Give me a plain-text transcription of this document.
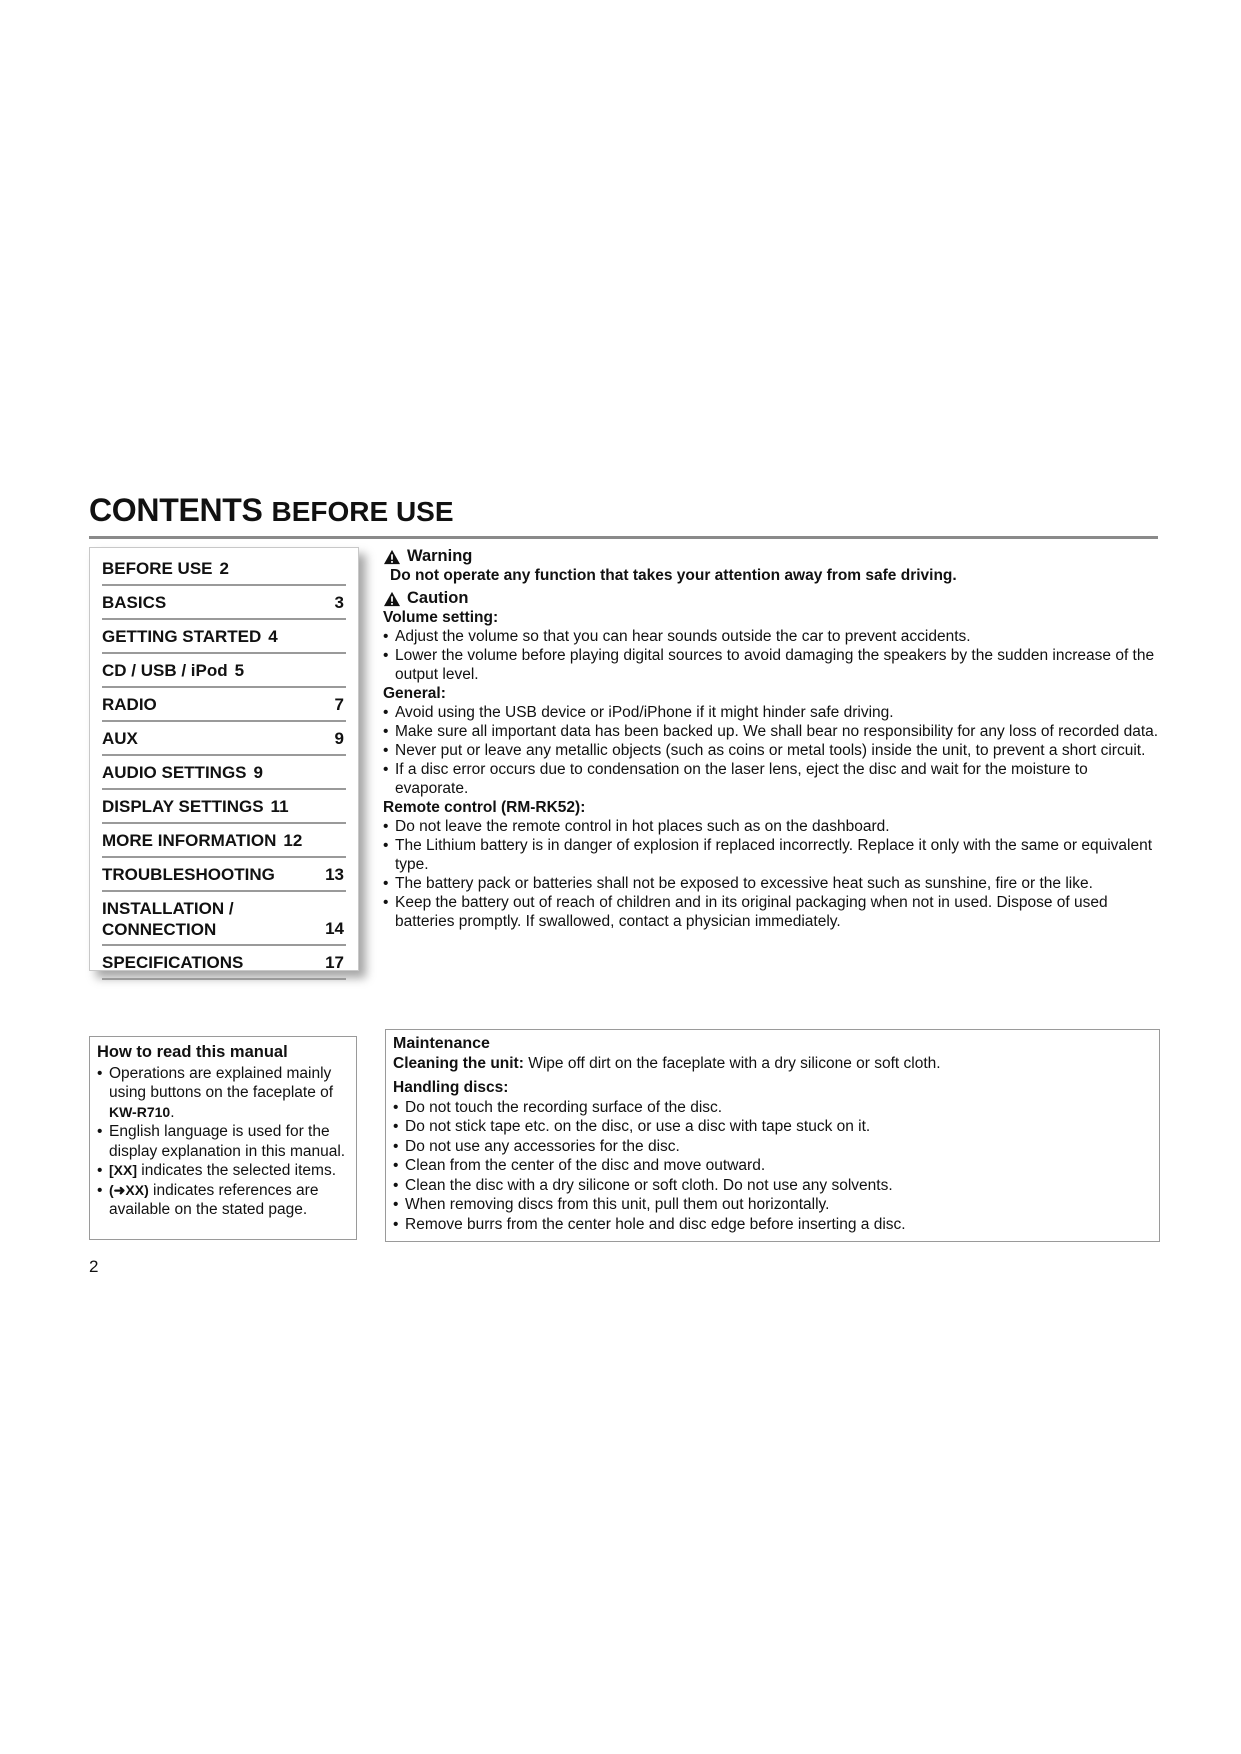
CONTENTS BEFORE USE
BEFORE USE 2
BASICS	3
GETTING STARTED 4
CD / USB / iPod 5
RADIO	7
AUX	9
AUDIO SETTINGS 9
DISPLAY SETTINGS 11
MORE INFORMATION 12
TROUBLESHOOTING	13
INSTALLATION / CONNECTION	14
SPECIFICATIONS	17
Warning
Do not operate any function that takes your attention away from safe driving.
Caution
Volume setting:
• Adjust the volume so that you can hear sounds outside the car to prevent accidents.
• Lower the volume before playing digital sources to avoid damaging the speakers by the sudden increase of the output level.
General:
• Avoid using the USB device or iPod/iPhone if it might hinder safe driving.
• Make sure all important data has been backed up. We shall bear no responsibility for any loss of recorded data.
• Never put or leave any metallic objects (such as coins or metal tools) inside the unit, to prevent a short circuit.
• If a disc error occurs due to condensation on the laser lens, eject the disc and wait for the moisture to evaporate.
Remote control (RM-RK52):
• Do not leave the remote control in hot places such as on the dashboard.
• The Lithium battery is in danger of explosion if replaced incorrectly. Replace it only with the same or equivalent type.
• The battery pack or batteries shall not be exposed to excessive heat such as sunshine, fire or the like.
• Keep the battery out of reach of children and in its original packaging when not in used. Dispose of used batteries promptly. If swallowed, contact a physician immediately.
How to read this manual
• Operations are explained mainly using buttons on the faceplate of KW-R710.
• English language is used for the display explanation in this manual.
• [XX] indicates the selected items.
• (➜XX) indicates references are available on the stated page.
Maintenance
Cleaning the unit: Wipe off dirt on the faceplate with a dry silicone or soft cloth.
Handling discs:
• Do not touch the recording surface of the disc.
• Do not stick tape etc. on the disc, or use a disc with tape stuck on it.
• Do not use any accessories for the disc.
• Clean from the center of the disc and move outward.
• Clean the disc with a dry silicone or soft cloth. Do not use any solvents.
• When removing discs from this unit, pull them out horizontally.
• Remove burrs from the center hole and disc edge before inserting a disc.
2
